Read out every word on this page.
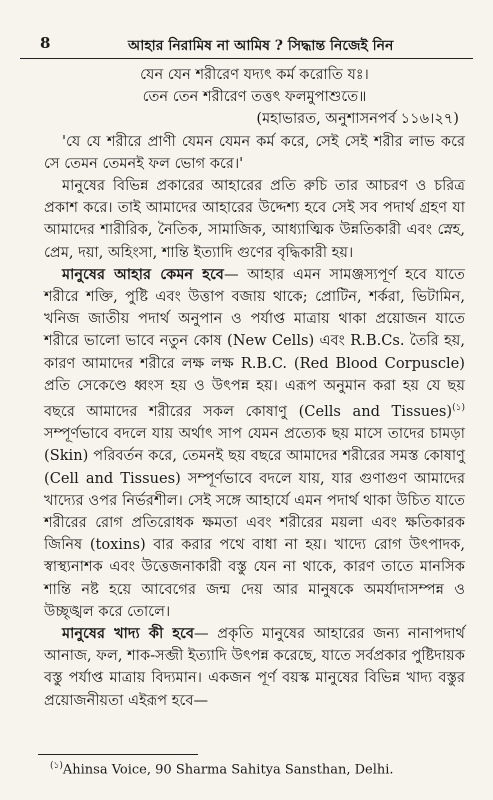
8	আহার নিরামিষ না আমিষ ? সিদ্ধান্ত নিজেই নিন

যেন যেন শরীরেণ যদ্যৎ কর্ম করোতি যঃ।

তেন তেন শরীরেণ তত্তৎ ফলমুপাশুতে॥

(মহাভারত, অনুশাসনপর্ব ১১৬।২৭)

'যে যে শরীরে প্রাণী যেমন যেমন কর্ম করে, সেই সেই শরীর লাভ করে সে তেমন তেমনই ফল ভোগ করে।'

মানুষের বিভিন্ন প্রকারের আহারের প্রতি রুচি তার আচরণ ও চরিত্র প্রকাশ করে। তাই আমাদের আহারের উদ্দেশ্য হবে সেই সব পদার্থ গ্রহণ যা আমাদের শারীরিক, নৈতিক, সামাজিক, আধ্যাত্মিক উন্নতিকারী এবং স্নেহ, প্রেম, দয়া, অহিংসা, শান্তি ইত্যাদি গুণের বৃদ্ধিকারী হয়।

মানুষের আহার কেমন হবে— আহার এমন সামঞ্জস্যপূর্ণ হবে যাতে শরীরে শক্তি, পুষ্টি এবং উত্তাপ বজায় থাকে; প্রোটিন, শর্করা, ভিটামিন, খনিজ জাতীয় পদার্থ অনুপান ও পর্যাপ্ত মাত্রায় থাকা প্রয়োজন যাতে শরীরে ভালো ভাবে নতুন কোষ (New Cells) এবং R.B.Cs. তৈরি হয়, কারণ আমাদের শরীরে লক্ষ লক্ষ R.B.C. (Red Blood Corpuscle) প্রতি সেকেণ্ডে ধ্বংস হয় ও উৎপন্ন হয়। এরূপ অনুমান করা হয় যে ছয় বছরে আমাদের শরীরের সকল কোষাণু (Cells and Tissues)$^{(১)}$ সম্পূর্ণভাবে বদলে যায় অর্থাৎ সাপ যেমন প্রত্যেক ছয় মাসে তাদের চামড়া (Skin) পরিবর্তন করে, তেমনই ছয় বছরে আমাদের শরীরের সমস্ত কোষাণু (Cell and Tissues) সম্পূর্ণভাবে বদলে যায়, যার গুণাগুণ আমাদের খাদ্যের ওপর নির্ভরশীল। সেই সঙ্গে আহার্যে এমন পদার্থ থাকা উচিত যাতে শরীরের রোগ প্রতিরোধক ক্ষমতা এবং শরীরের ময়লা এবং ক্ষতিকারক জিনিষ (toxins) বার করার পথে বাধা না হয়। খাদ্যে রোগ উৎপাদক, স্বাস্থ্যনাশক এবং উত্তেজনাকারী বস্তু যেন না থাকে, কারণ তাতে মানসিক শান্তি নষ্ট হয়ে আবেগের জন্ম দেয় আর মানুষকে অমর্যাদাসম্পন্ন ও উচ্ছৃঙ্খল করে তোলে।

মানুষের খাদ্য কী হবে— প্রকৃতি মানুষের আহারের জন্য নানাপদার্থ আনাজ, ফল, শাক-সব্জী ইত্যাদি উৎপন্ন করেছে, যাতে সর্বপ্রকার পুষ্টিদায়ক বস্তু পর্যাপ্ত মাত্রায় বিদ্যমান। একজন পূর্ণ বয়স্ক মানুষের বিভিন্ন খাদ্য বস্তুর প্রয়োজনীয়তা এইরূপ হবে—

$^{(১)}$Ahinsa Voice, 90 Sharma Sahitya Sansthan, Delhi.
